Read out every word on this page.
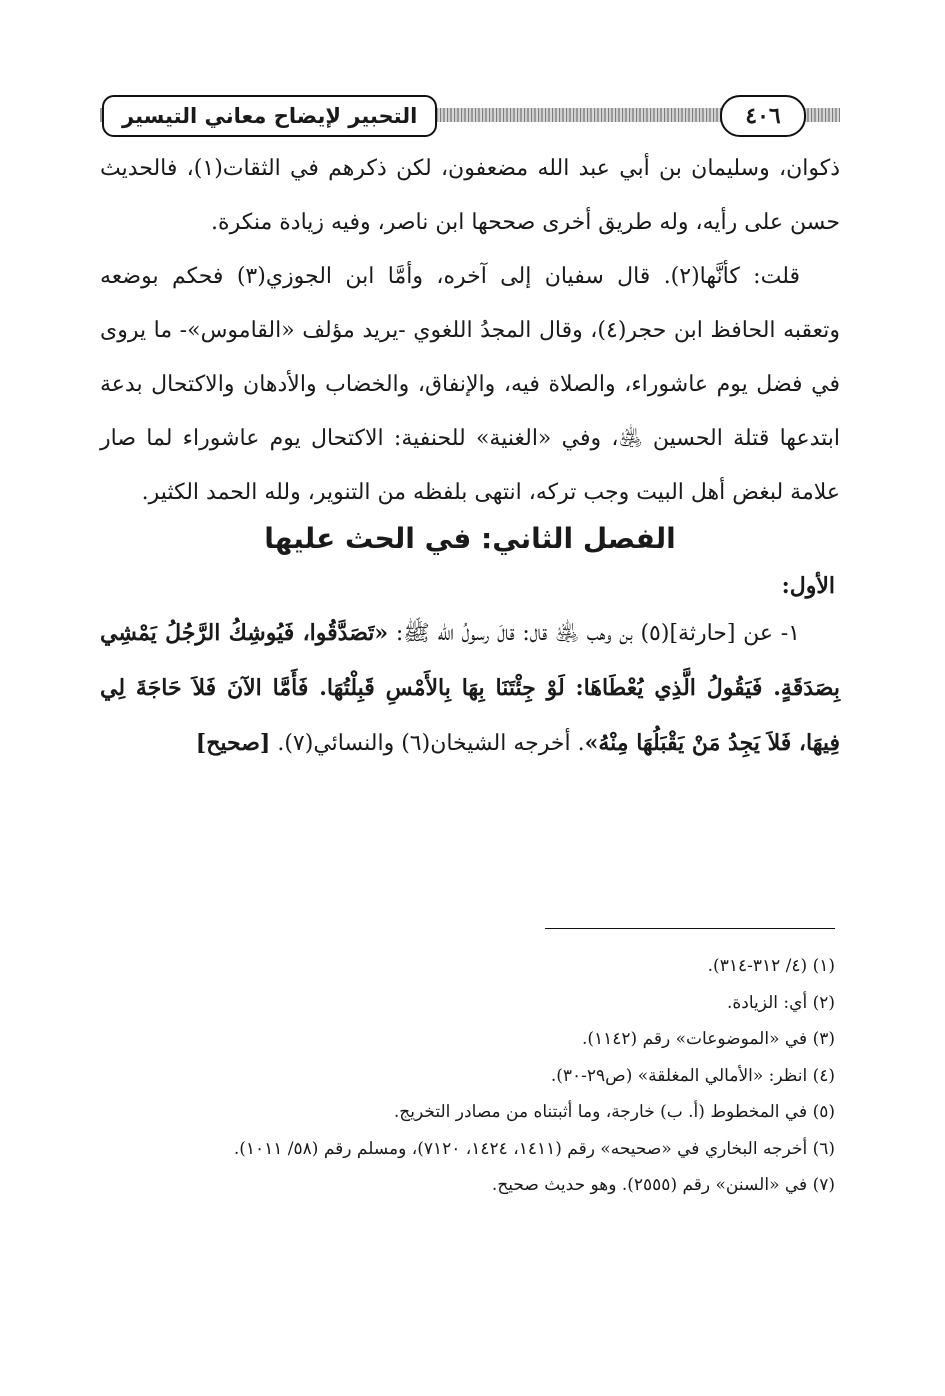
التحبير لإيضاح معاني التيسير	٤٠٦

ذكوان، وسليمان بن أبي عبد الله مضعفون، لكن ذكرهم في الثقات(١)، فالحديث حسن على رأيه، وله طريق أخرى صححها ابن ناصر، وفيه زيادة منكرة.

قلت: كأنَّها(٢). قال سفيان إلى آخره، وأمَّا ابن الجوزي(٣) فحكم بوضعه وتعقبه الحافظ ابن حجر(٤)، وقال المجدُ اللغوي -يريد مؤلف «القاموس»- ما يروى في فضل يوم عاشوراء، والصلاة فيه، والإنفاق، والخضاب والأدهان والاكتحال بدعة ابتدعها قتلة الحسين ﵁، وفي «الغنية» للحنفية: الاكتحال يوم عاشوراء لما صار علامة لبغض أهل البيت وجب تركه، انتهى بلفظه من التنوير، ولله الحمد الكثير.

الفصل الثاني: في الحث عليها

الأول:

١- عن [حارثة](٥) بن وهب ﵁ قال: قالَ رسولُ الله ﷺ: «تَصَدَّقُوا، فَيُوشِكُ الرَّجُلُ يَمْشِي بِصَدَقَةٍ. فَيَقُولُ الَّذِي يُعْطَاهَا: لَوْ جِئْتَنَا بِهَا بِالأَمْسِ قَبِلْتُهَا. فَأَمَّا الآنَ فَلاَ حَاجَةَ لِي فِيهَا، فَلاَ يَجِدُ مَنْ يَقْبَلُهَا مِنْهُ». أخرجه الشيخان(٦) والنسائي(٧). [صحيح]

(١) (٤/ ٣١٢-٣١٤).

(٢) أي: الزيادة.

(٣) في «الموضوعات» رقم (١١٤٢).

(٤) انظر: «الأمالي المغلقة» (ص٢٩-٣٠).

(٥) في المخطوط (أ. ب) خارجة، وما أثبتناه من مصادر التخريج.

(٦) أخرجه البخاري في «صحيحه» رقم (١٤١١، ١٤٢٤، ٧١٢٠)، ومسلم رقم (٥٨/ ١٠١١).

(٧) في «السنن» رقم (٢٥٥٥). وهو حديث صحيح.
